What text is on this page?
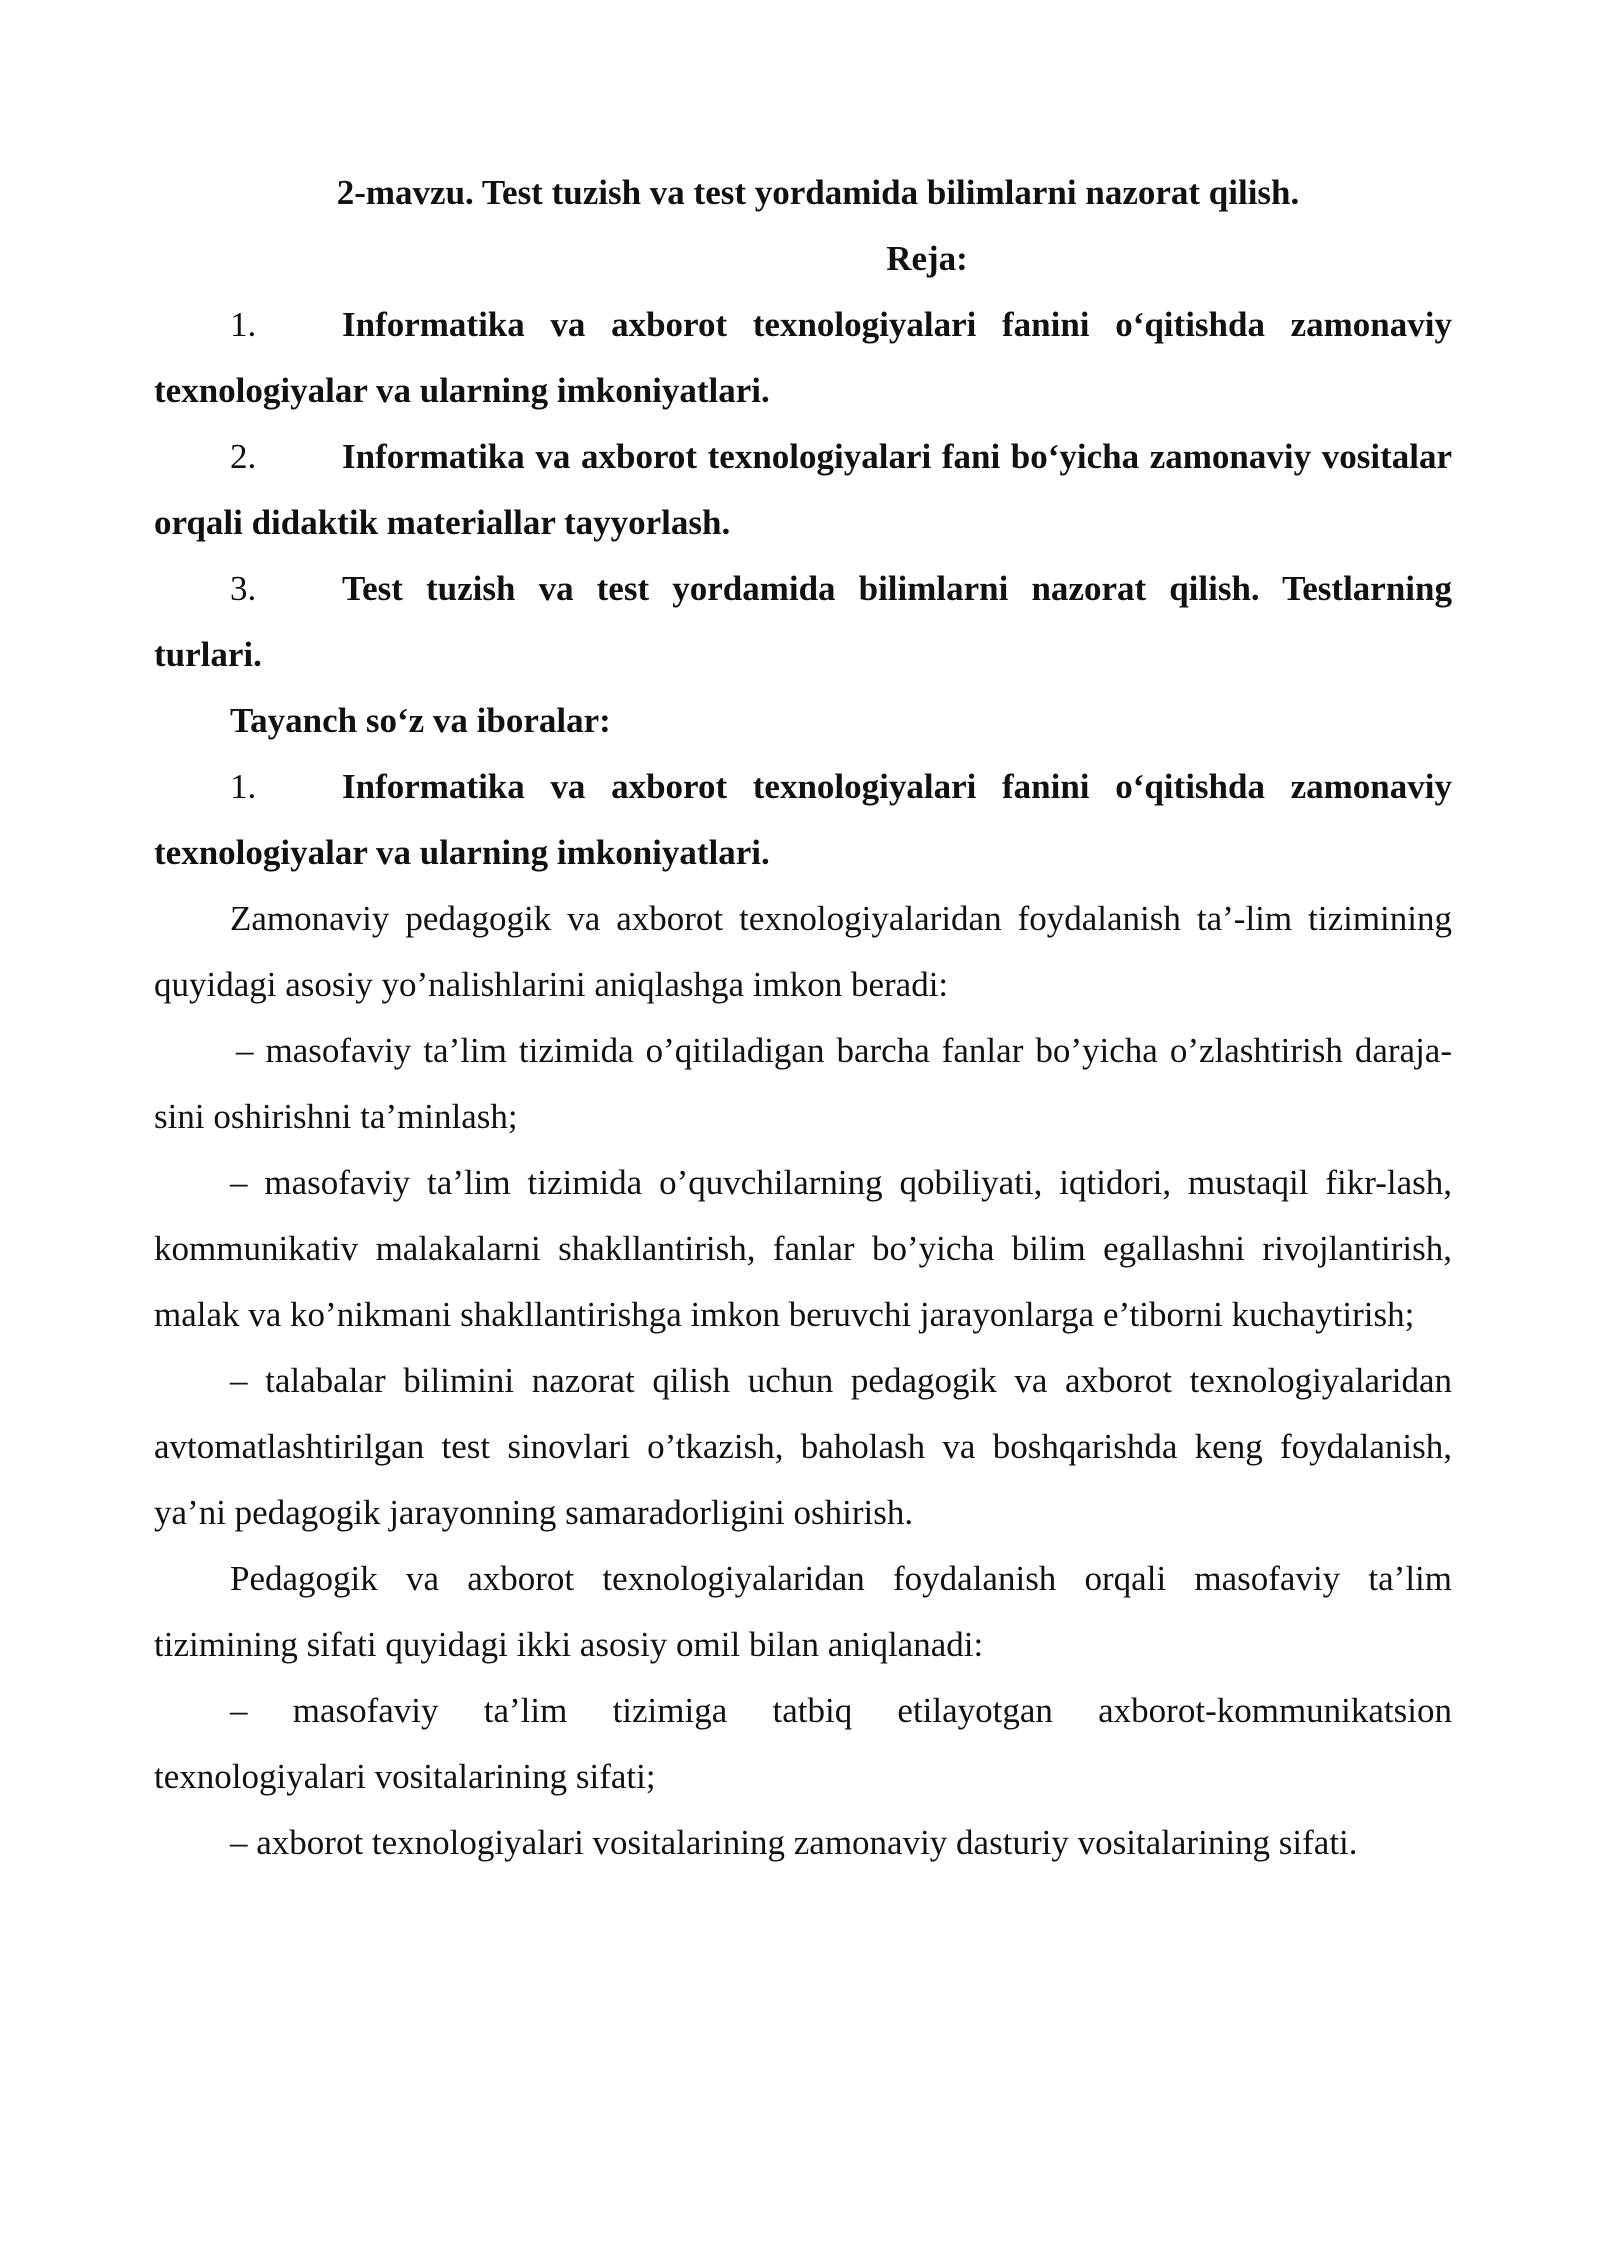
2-mavzu. Test tuzish va test yordamida bilimlarni nazorat qilish.
Reja:

1. Informatika va axborot texnologiyalari fanini o‘qitishda zamonaviy texnologiyalar va ularning imkoniyatlari.

2. Informatika va axborot texnologiyalari fani bo‘yicha zamonaviy vositalar orqali didaktik materiallar tayyorlash.

3. Test tuzish va test yordamida bilimlarni nazorat qilish. Testlarning turlari.

Tayanch so‘z va iboralar:

1. Informatika va axborot texnologiyalari fanini o‘qitishda zamonaviy texnologiyalar va ularning imkoniyatlari.

Zamonaviy pedagogik va axborot texnologiyalaridan foydalanish ta’-lim tizimining quyidagi asosiy yo’nalishlarini aniqlashga imkon beradi:

– masofaviy ta’lim tizimida o’qitiladigan barcha fanlar bo’yicha o’zlashtirish daraja-sini oshirishni ta’minlash;

– masofaviy ta’lim tizimida o’quvchilarning qobiliyati, iqtidori, mustaqil fikr-lash, kommunikativ malakalarni shakllantirish, fanlar bo’yicha bilim egallashni rivojlantirish, malak va ko’nikmani shakllantirishga imkon beruvchi jarayonlarga e’tiborni kuchaytirish;

– talabalar bilimini nazorat qilish uchun pedagogik va axborot texnologiyalaridan avtomatlashtirilgan test sinovlari o’tkazish, baholash va boshqarishda keng foydalanish, ya’ni pedagogik jarayonning samaradorligini oshirish.

Pedagogik va axborot texnologiyalaridan foydalanish orqali masofaviy ta’lim tizimining sifati quyidagi ikki asosiy omil bilan aniqlanadi:

– masofaviy ta’lim tizimiga tatbiq etilayotgan axborot-kommunikatsion texnologiyalari vositalarining sifati;

– axborot texnologiyalari vositalarining zamonaviy dasturiy vositalarining sifati.
